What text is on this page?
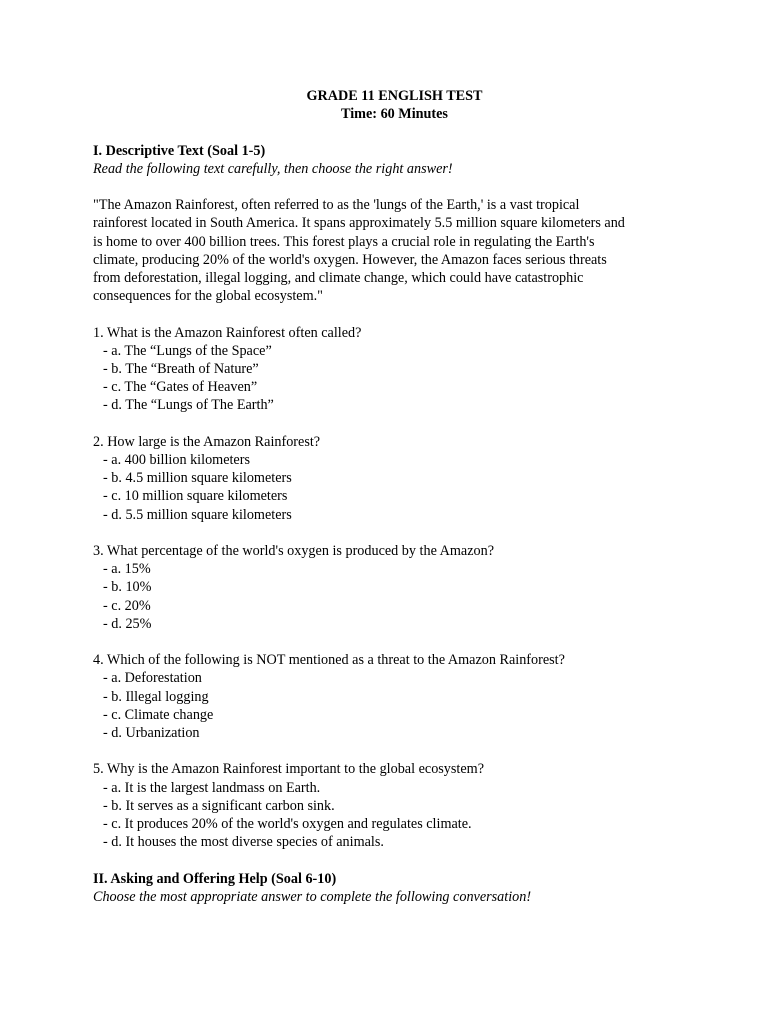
GRADE 11 ENGLISH TEST
Time: 60 Minutes
I. Descriptive Text (Soal 1-5)
Read the following text carefully, then choose the right answer!

"The Amazon Rainforest, often referred to as the 'lungs of the Earth,' is a vast tropical

rainforest located in South America. It spans approximately 5.5 million square kilometers and

is home to over 400 billion trees. This forest plays a crucial role in regulating the Earth's

climate, producing 20% of the world's oxygen. However, the Amazon faces serious threats

from deforestation, illegal logging, and climate change, which could have catastrophic

consequences for the global ecosystem."

1. What is the Amazon Rainforest often called?
- a. The “Lungs of the Space”
- b. The “Breath of Nature”
- c. The “Gates of Heaven”
- d. The “Lungs of The Earth”
2. How large is the Amazon Rainforest?
- a. 400 billion kilometers
- b. 4.5 million square kilometers
- c. 10 million square kilometers
- d. 5.5 million square kilometers
3. What percentage of the world's oxygen is produced by the Amazon?
- a. 15%
- b. 10%
- c. 20%
- d. 25%
4. Which of the following is NOT mentioned as a threat to the Amazon Rainforest?
- a. Deforestation
- b. Illegal logging
- c. Climate change
- d. Urbanization
5. Why is the Amazon Rainforest important to the global ecosystem?
- a. It is the largest landmass on Earth.
- b. It serves as a significant carbon sink.
- c. It produces 20% of the world's oxygen and regulates climate.
- d. It houses the most diverse species of animals.
II. Asking and Offering Help (Soal 6-10)
Choose the most appropriate answer to complete the following conversation!
